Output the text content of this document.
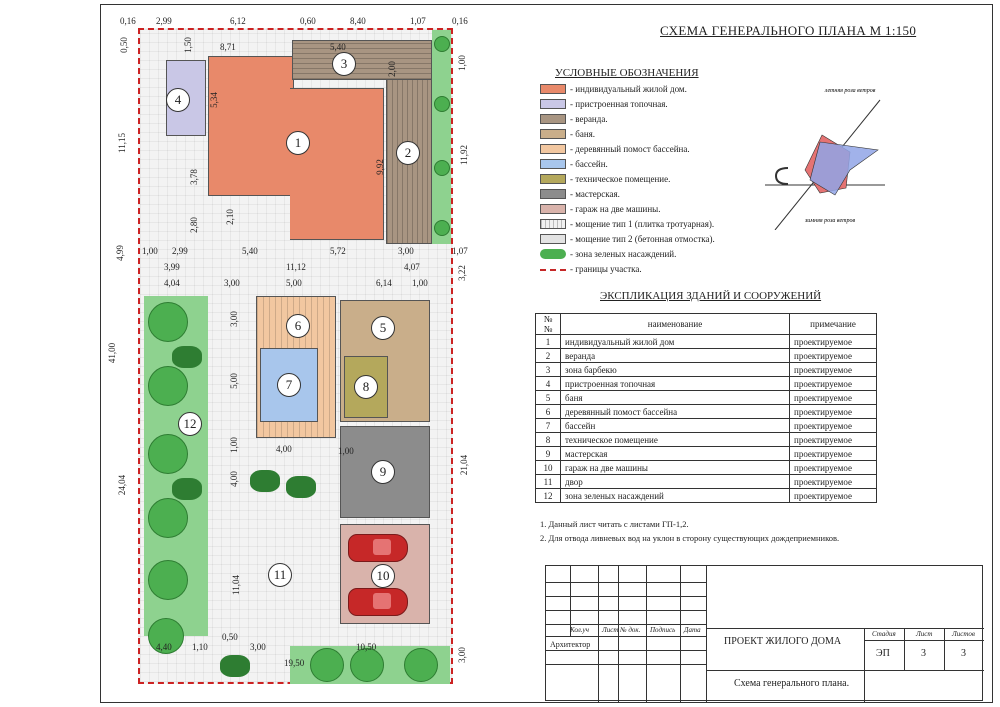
1
2
3
4
5
6
7	8
9
10
11
12
0,16 2,99	6,12	0,60	8,40	1,07	0,16
8,71	5,40
1,50
0,50
5,34
3,78
2,80
2,10
9,92
2,00	1,00
11,15
11,92
1,00 2,99	5,40	5,72	3,00	1,07
4,99
3,99	11,12	4,07	3,22
4,04	3,00	5,00	6,14 1,00
41,00
3,00
5,00
1,00	4,00
4,00
1,00
24,04
21,04
11,04
4,40 1,10
0,50
3,00	10,50
19,50
3,00
СХЕМА ГЕНЕРАЛЬНОГО ПЛАНА М 1:150
УСЛОВНЫЕ ОБОЗНАЧЕНИЯ
- индивидуальный жилой дом.
- пристроенная топочная.
- веранда.
- баня.
- деревянный помост бассейна.
- бассейн.
- техническое помещение.
- мастерская.
- гараж на две машины.
- мощение тип 1 (плитка тротуарная).
- мощение тип 2 (бетонная отмостка).
- зона зеленых насаждений.
- границы участка.
летняя роза ветров
зимняя роза ветров
ЭКСПЛИКАЦИЯ ЗДАНИЙ И СООРУЖЕНИЙ
№№	наименование	примечание
1	индивидуальный жилой дом	проектируемое
2	веранда	проектируемое
3	зона барбекю	проектируемое
4	пристроенная топочная	проектируемое
5	баня	проектируемое
6	деревянный помост бассейна	проектируемое
7	бассейн	проектируемое
8	техническое помещение	проектируемое
9	мастерская	проектируемое
10	гараж на две машины	проектируемое
11	двор	проектируемое
12	зона зеленых насаждений	проектируемое
1. Данный лист читать с листами ГП-1,2.
2. Для отвода ливневых вод на уклон в сторону существующих дождеприемников.
Кол.уч Лист № док. Подпись Дата
Архитектор	ПРОЕКТ ЖИЛОГО ДОМА
Схема генерального плана.
Стадия	Лист	Листов
ЭП	3	3
